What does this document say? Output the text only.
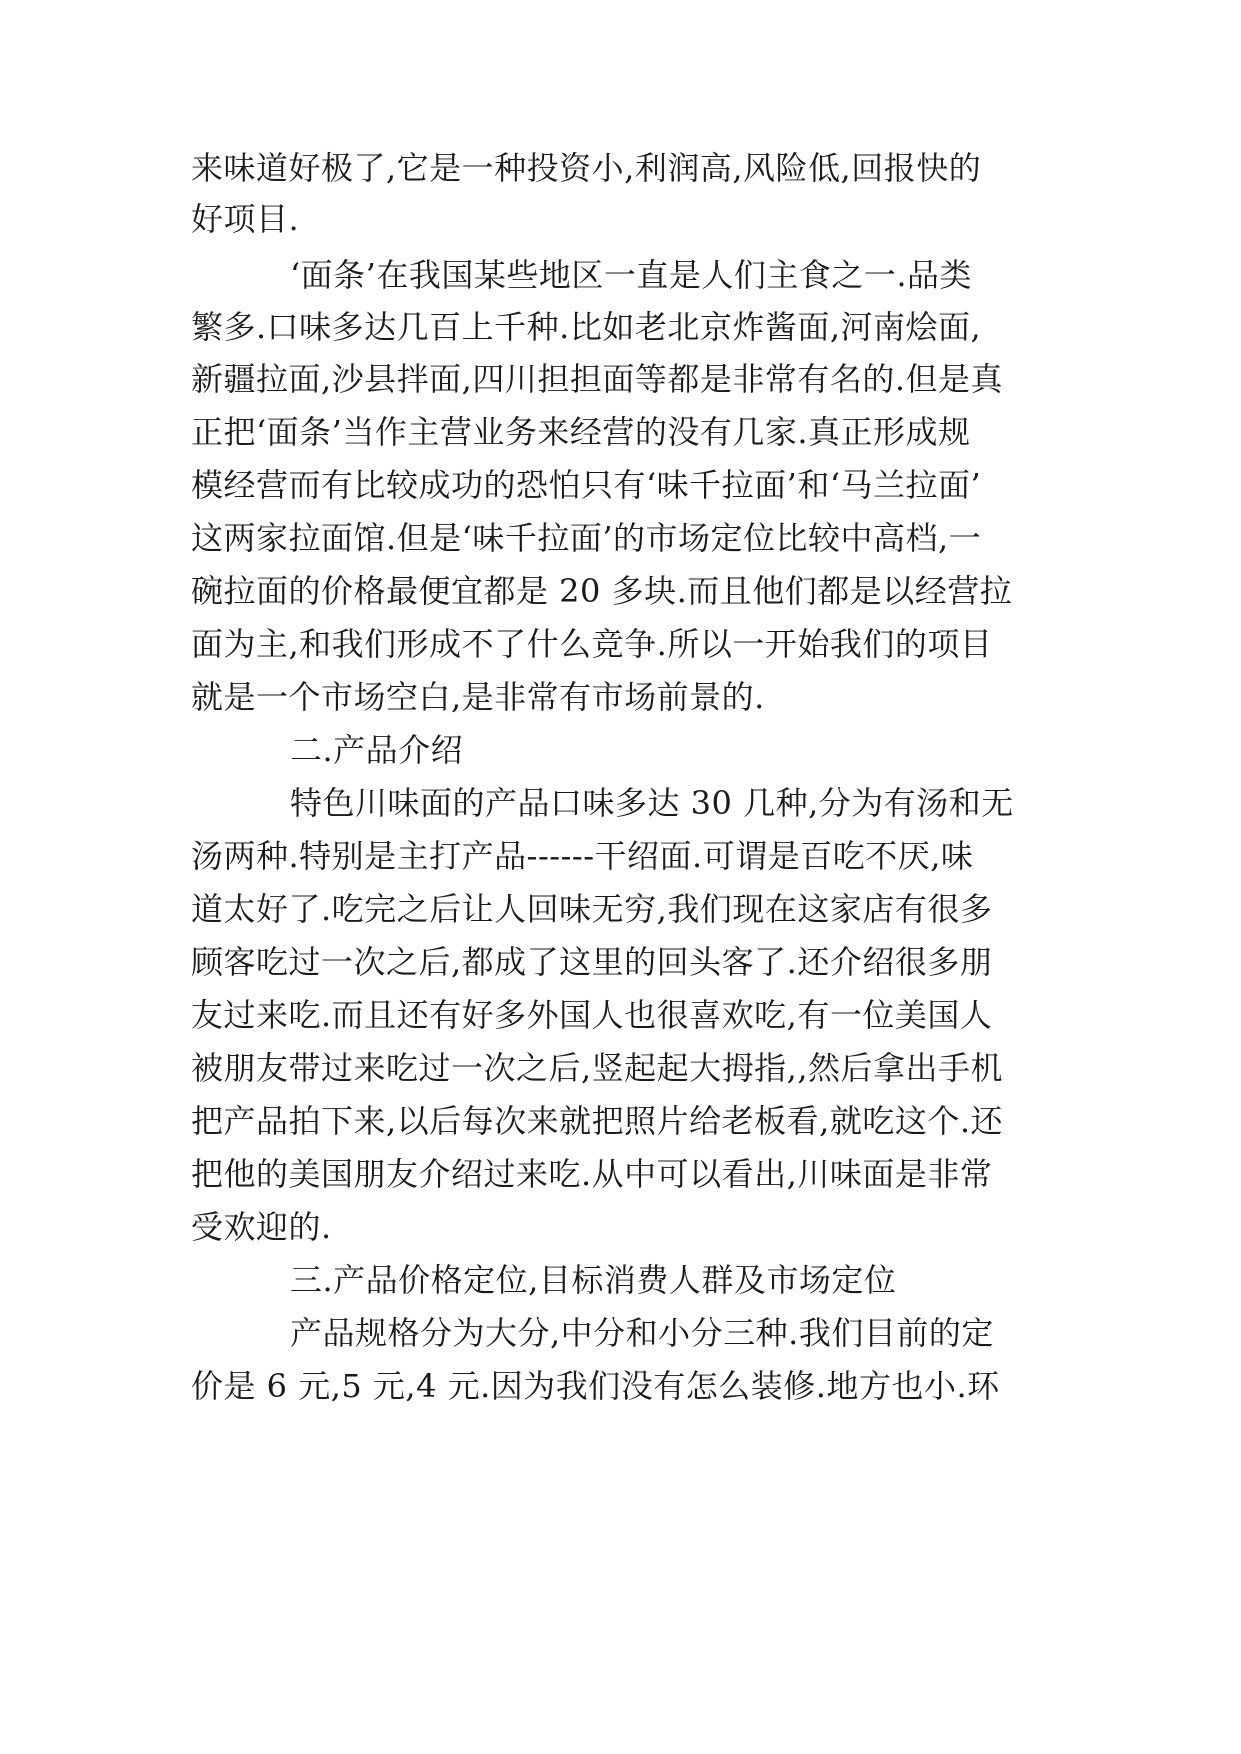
来味道好极了,它是一种投资小,利润高,风险低,回报快的
好项目.
‘面条’在我国某些地区一直是人们主食之一.品类
繁多.口味多达几百上千种.比如老北京炸酱面,河南烩面,
新疆拉面,沙县拌面,四川担担面等都是非常有名的.但是真
正把‘面条’当作主营业务来经营的没有几家.真正形成规
模经营而有比较成功的恐怕只有‘味千拉面’和‘马兰拉面’
这两家拉面馆.但是‘味千拉面’的市场定位比较中高档,一
碗拉面的价格最便宜都是 20 多块.而且他们都是以经营拉
面为主,和我们形成不了什么竞争.所以一开始我们的项目
就是一个市场空白,是非常有市场前景的.
二.产品介绍
特色川味面的产品口味多达 30 几种,分为有汤和无
汤两种.特别是主打产品------干绍面.可谓是百吃不厌,味
道太好了.吃完之后让人回味无穷,我们现在这家店有很多
顾客吃过一次之后,都成了这里的回头客了.还介绍很多朋
友过来吃.而且还有好多外国人也很喜欢吃,有一位美国人
被朋友带过来吃过一次之后,竖起起大拇指,,然后拿出手机
把产品拍下来,以后每次来就把照片给老板看,就吃这个.还
把他的美国朋友介绍过来吃.从中可以看出,川味面是非常
受欢迎的.
三.产品价格定位,目标消费人群及市场定位
产品规格分为大分,中分和小分三种.我们目前的定
价是 6 元,5 元,4 元.因为我们没有怎么装修.地方也小.环
